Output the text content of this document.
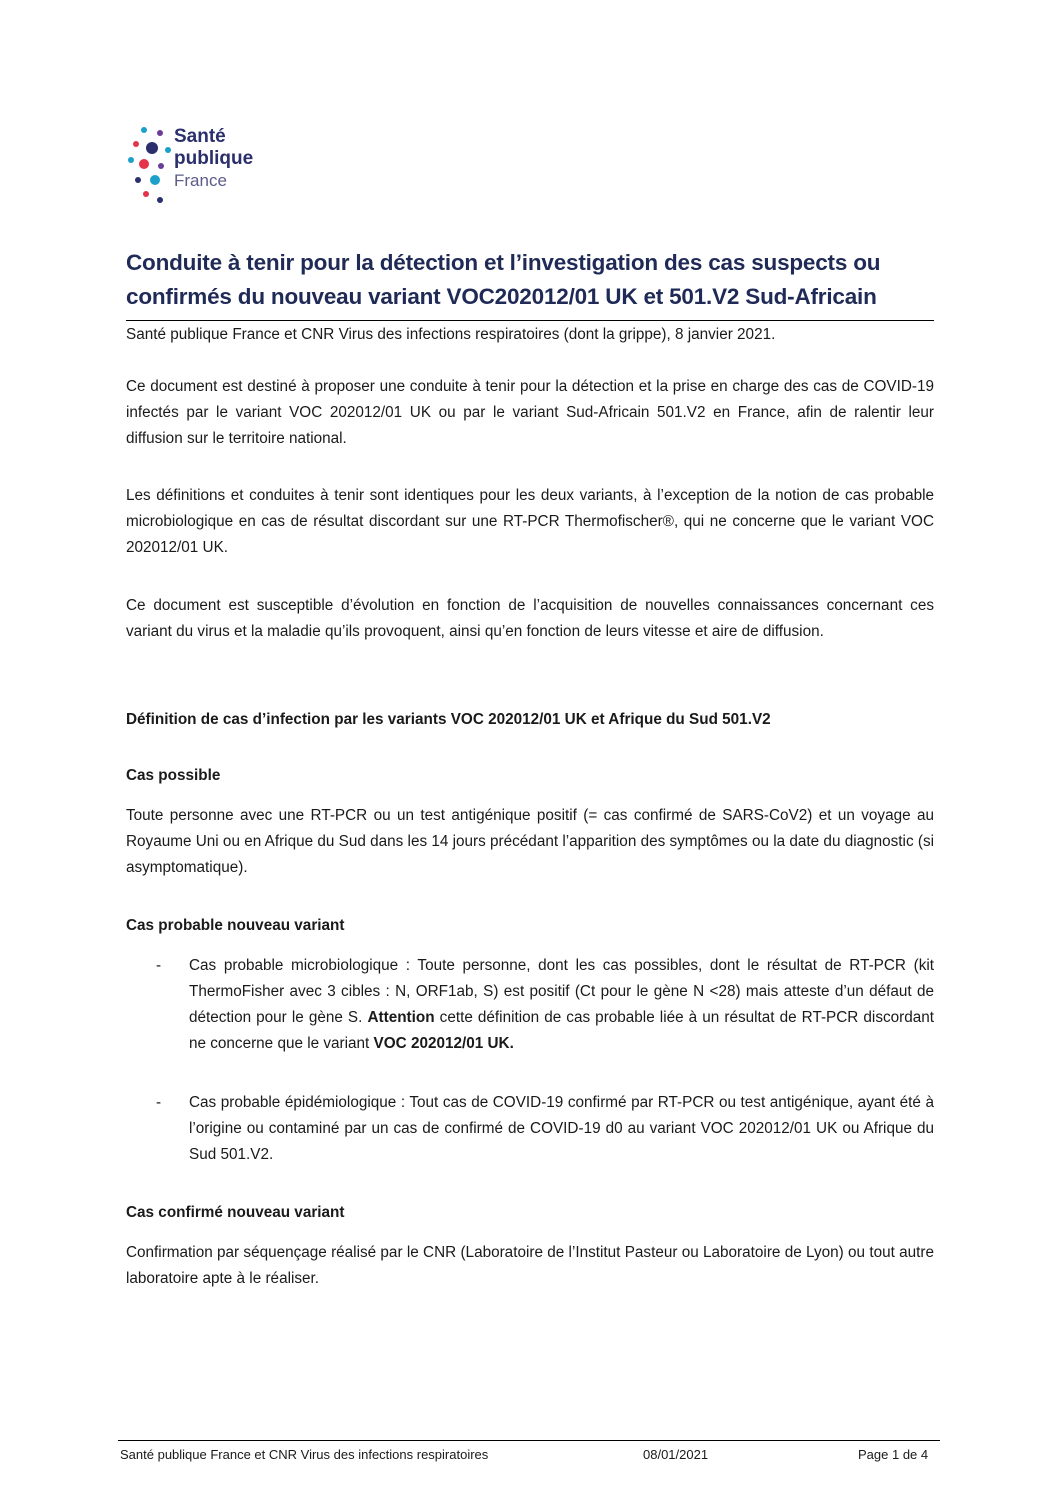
Santé
publique
France
Conduite à tenir pour la détection et l’investigation des cas suspects ou confirmés du nouveau variant VOC202012/01 UK et 501.V2 Sud-Africain

Santé publique France et CNR Virus des infections respiratoires (dont la grippe), 8 janvier 2021.

Ce document est destiné à proposer une conduite à tenir pour la détection et la prise en charge des cas de COVID-19 infectés par le variant VOC 202012/01 UK ou par le variant Sud-Africain 501.V2 en France, afin de ralentir leur diffusion sur le territoire national.

Les définitions et conduites à tenir sont identiques pour les deux variants, à l’exception de la notion de cas probable microbiologique en cas de résultat discordant sur une RT-PCR Thermofischer®, qui ne concerne que le variant VOC 202012/01 UK.

Ce document est susceptible d’évolution en fonction de l’acquisition de nouvelles connaissances concernant ces variant du virus et la maladie qu’ils provoquent, ainsi qu’en fonction de leurs vitesse et aire de diffusion.

Définition de cas d’infection par les variants VOC 202012/01 UK et Afrique du Sud 501.V2

Cas possible

Toute personne avec une RT-PCR ou un test antigénique positif (= cas confirmé de SARS-CoV2) et un voyage au Royaume Uni ou en Afrique du Sud dans les 14 jours précédant l’apparition des symptômes ou la date du diagnostic (si asymptomatique).

Cas probable nouveau variant

- Cas probable microbiologique : Toute personne, dont les cas possibles, dont le résultat de RT-PCR (kit ThermoFisher avec 3 cibles : N, ORF1ab, S) est positif (Ct pour le gène N <28) mais atteste d’un défaut de détection pour le gène S. Attention cette définition de cas probable liée à un résultat de RT-PCR discordant ne concerne que le variant VOC 202012/01 UK.
- Cas probable épidémiologique : Tout cas de COVID-19 confirmé par RT-PCR ou test antigénique, ayant été à l’origine ou contaminé par un cas de confirmé de COVID-19 d0 au variant VOC 202012/01 UK ou Afrique du Sud 501.V2.

Cas confirmé nouveau variant

Confirmation par séquençage réalisé par le CNR (Laboratoire de l’Institut Pasteur ou Laboratoire de Lyon) ou tout autre laboratoire apte à le réaliser.

Santé publique France et CNR Virus des infections respiratoires	08/01/2021	Page 1 de 4
